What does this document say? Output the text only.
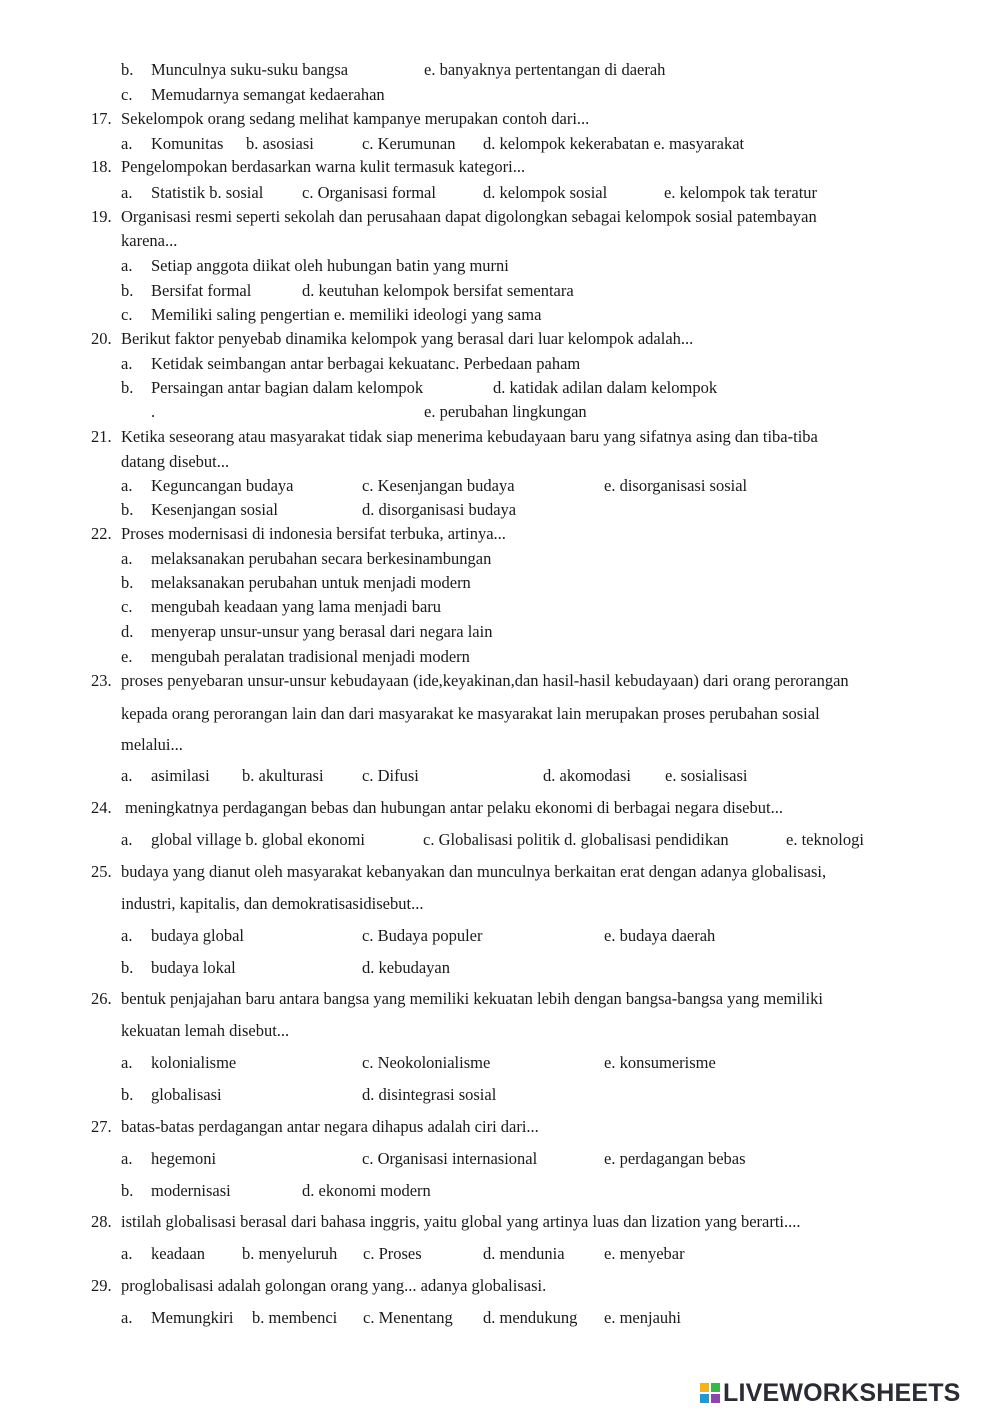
b. Munculnya suku-suku bangsa	e. banyaknya pertentangan di daerah
c. Memudarnya semangat kedaerahan
17. Sekelompok orang sedang melihat kampanye merupakan contoh dari...
a. Komunitas b. asosiasi	c. Kerumunan d. kelompok kekerabatan e. masyarakat
18. Pengelompokan berdasarkan warna kulit termasuk kategori...
a. Statistik b. sosial c. Organisasi formal	d. kelompok sosial	e. kelompok tak teratur
19. Organisasi resmi seperti sekolah dan perusahaan dapat digolongkan sebagai kelompok sosial patembayan
karena...
a. Setiap anggota diikat oleh hubungan batin yang murni
b. Bersifat formal	d. keutuhan kelompok bersifat sementara
c. Memiliki saling pengertian e. memiliki ideologi yang sama
20. Berikut faktor penyebab dinamika kelompok yang berasal dari luar kelompok adalah...
a. Ketidak seimbangan antar berbagai kekuatanc. Perbedaan paham
b. Persaingan antar bagian dalam kelompok	d. katidak adilan dalam kelompok
.	e. perubahan lingkungan
21. Ketika seseorang atau masyarakat tidak siap menerima kebudayaan baru yang sifatnya asing dan tiba-tiba
datang disebut...
a. Keguncangan budaya	c. Kesenjangan budaya	e. disorganisasi sosial
b. Kesenjangan sosial	d. disorganisasi budaya
22. Proses modernisasi di indonesia bersifat terbuka, artinya...
a. melaksanakan perubahan secara berkesinambungan
b. melaksanakan perubahan untuk menjadi modern
c. mengubah keadaan yang lama menjadi baru
d. menyerap unsur-unsur yang berasal dari negara lain
e. mengubah peralatan tradisional menjadi modern
23. proses penyebaran unsur-unsur kebudayaan (ide,keyakinan,dan hasil-hasil kebudayaan) dari orang perorangan
kepada orang perorangan lain dan dari masyarakat ke masyarakat lain merupakan proses perubahan sosial
melalui...
a. asimilasi b. akulturasi c. Difusi	d. akomodasi e. sosialisasi
24. meningkatnya perdagangan bebas dan hubungan antar pelaku ekonomi di berbagai negara disebut...
a. global village b. global ekonomi	c. Globalisasi politik d. globalisasi pendidikan	e. teknologi
25. budaya yang dianut oleh masyarakat kebanyakan dan munculnya berkaitan erat dengan adanya globalisasi,
industri, kapitalis, dan demokratisasidisebut...
a. budaya global	c. Budaya populer	e. budaya daerah
b. budaya lokal	d. kebudayan
26. bentuk penjajahan baru antara bangsa yang memiliki kekuatan lebih dengan bangsa-bangsa yang memiliki
kekuatan lemah disebut...
a. kolonialisme	c. Neokolonialisme	e. konsumerisme
b. globalisasi	d. disintegrasi sosial
27. batas-batas perdagangan antar negara dihapus adalah ciri dari...
a. hegemoni	c. Organisasi internasional	e. perdagangan bebas
b. modernisasi	d. ekonomi modern
28. istilah globalisasi berasal dari bahasa inggris, yaitu global yang artinya luas dan lization yang berarti....
a. keadaan b. menyeluruh c. Proses	d. mendunia e. menyebar
29. proglobalisasi adalah golongan orang yang... adanya globalisasi.
a. Memungkiri b. membenci c. Menentang d. mendukung e. menjauhi
LIVEWORKSHEETS
